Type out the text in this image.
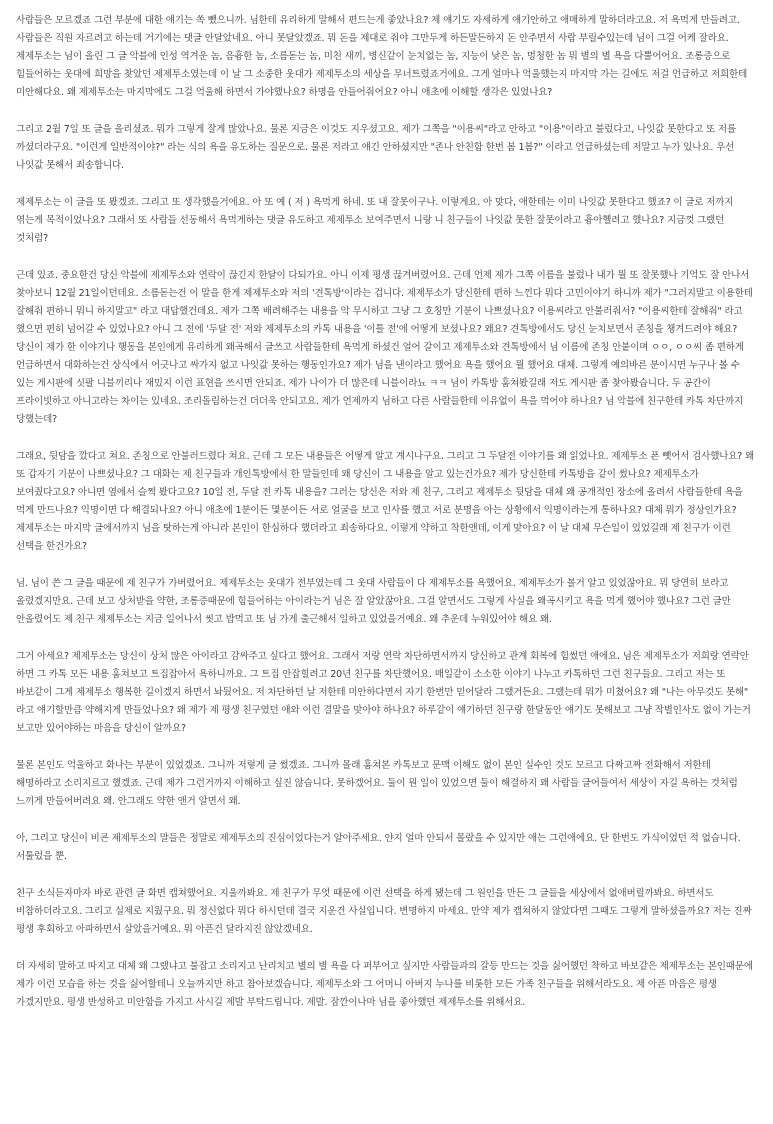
사람들은 모르겠죠 그런 부분에 대한 얘기는 쏙 뺐으니까. 님한테 유리하게 말해서 편드는게 좋았나요? 제 얘기도 자세하게 얘기안하고 애매하게 말하더라고요. 저 욕먹게 만들려고. 사람들은 직원 자르려고 하는데 거기에는 댓글 안달았네요. 아니 못달았겠죠. 뭐 돈을 제대로 줘야 그만두게 하든말든하지 돈 안주면서 사람 부릴수있는데 님이 그걸 어케 잘라요. 제제투소는 님이 올린 그 글 악블에 인성 역겨운 놈, 음흉한 놈, 소름돋는 놈, 미친 새끼, 병신같이 눈치없는 놈, 지능이 낮은 놈, 멍청한 놈 뭐 별의 별 욕을 다뿔어어요. 조롱증으로 힘들어하는 웃대에 희망을 찾았던 제제투소였는데 이 날 그 소중한 웃대가 제제투소의 세상을 무너트렸죠거에요. 그게 얼마나 억울했는지 마지막 가는 길에도 저걸 언급하고 저희한테 미안해다요. 왜 제제투소는 마지막에도 그걸 억울해 하면서 가야했나요? 하명을 안들어줘어요? 아니 애초에 이해할 생각은 있었나요?

그리고 2월 7일 또 글을 올리셨죠. 뭐가 그렇게 잘게 많았나요. 물론 지금은 이것도 지우셨고요. 제가 그쪽을 "이용씨"라고 안하고 "이용"이라고 불렀다고, 나잇값 못한다고 또 저를 까셨더라구요. "이런게 일반적이야?" 라는 식의 욕을 유도하는 질문으로. 물론 저라고 얘긴 안하셨지만 "존나 안친함 한번 봄 1봄?" 이라고 언급하셨는데 저말고 누가 있나요. 우선 나잇값 못해서 죄송합니다.

제제투소는 이 글을 또 봤겠죠. 그리고 또 생각했을거에요. 아 또 예 ( 저 ) 욕먹게 하네. 또 내 잘못이구나. 이렇게요. 아 맞다, 애한테는 이미 나잇값 못한다고 했죠? 이 글로 저까지 엮는게 목적이었나요? 그래서 또 사람들 선동해서 욕먹게하는 댓글 유도하고 제제투소 보여주면서 니랑 니 친구들이 나잇값 못한 잘못이라고 흉아헬려고 했나요? 지금껏 그랬던 것처럼?

근데 있죠. 중요한건 당신 악블에 제제투소와 연락이 끊긴지 한달이 다되가요. 아니 이제 평생 끊겨버렸어요. 근데 언제 제가 그쪽 이름을 불렀나 내가 뭘 또 잘못했나 기억도 잘 안나서 찾아보니 12월 21일이던데요. 소름돋는건 이 말을 한게 제제투소와 저의 '견톡방'이라는 겁니다. 제제투소가 당신한테 편하 느낀다 뭐다 고민이야기 하니까 제가 "그러지말고 이용한테 잘해줘 편하니 뭐니 하지말고" 라고 대답했건데요. 제가 그쪽 배려해주는 내용을 악 무시하고 그냥 그 호칭만 기분이 나쁘셨나요? 이용씨라고 안불러줘서? "이용씨한테 잘해줘" 라고 했으면 편히 넘어갈 수 있었나요? 아니 그 전에 '두달 전' 저와 제제투소의 카톡 내용을 '이틀 전'에 어떻게 보셨나요? 왜요? 견톡방에서도 당신 눈치보면서 존칭을 챙겨드려야 해요? 당신이 제가 한 이야기나 행동을 본인에게 유리하게 왜곡해서 글쓰고 사람들한테 욕먹게 하셨건 얼어 갈이고 제제투소와 견톡방에서 님 이름에 존칭 안붙이며 ㅇㅇ, ㅇㅇ씨 좀 편하게 언급하면서 대화하는건 상식에서 어긋나고 싸가지 없고 나잇값 못하는 행동인가요? 제가 님을 낸이라고 했어요 욕을 했어요 뭘 했어요 대체. 그렇게 예의바른 분이시면 누구나 볼 수 있는 게시판에 싯팔 니블끼리나 재밌지 이런 표현을 쓰시면 안되죠. 제가 나이가 더 많은데 니블이라뇨 ㅋㅋ 님이 카톡방 훔쳐봤길래 저도 게시판 좀 찾아봤습니다. 두 공간이 프라이빗하고 아니고라는 차이는 있네요. 조리돌림하는건 더더욱 안되고요. 제가 언제까지 님하고 다른 사람들한테 이유없이 욕을 먹어야 하나요? 님 악블에 친구한테 카톡 차단까지 당했는데?

그래요, 뒷담을 깠다고 쳐요. 존칭으로 안불러드렸다 쳐요. 근데 그 모든 내용들은 어떻게 알고 계시나구요. 그리고 그 두달전 이야기를 왜 읽었나요. 제제투소 폰 뺏어서 검사했나요? 왜 또 갑자기 기분이 나쁘셨나요? 그 대화는 제 친구들과 개인톡방에서 한 말들인데 왜 당신이 그 내용을 알고 있는건가요? 제가 당신한테 카톡방을 같이 썼나요? 제제투소가 보여줬다고요? 아니면 옆에서 슬쩍 봤다고요? 10일 전, 두달 전 카톡 내용을? 그러는 당신은 저와 제 친구, 그리고 제제투소 뒷담을 대체 왜 공개적인 장소에 올려서 사람들한테 욕을 먹게 만드나요? 익명이면 다 해결되나요? 아니 애초에 1분이든 몇분이든 서로 얼굴을 보고 인사를 했고 서로 분명을 아는 상황에서 익명이라는게 통하나요? 대체 뭐가 정상인가요? 제제투소는 마지막 글에서까지 님을 탓하는게 아니라 본인이 한심하다 했더라고 죄송하다요. 이렇게 약하고 착한앤데, 이게 맞아요? 이 날 대체 무슨일이 있었길래 제 친구가 이런 선택을 한건가요?

님. 님이 쓴 그 글을 때문에 제 친구가 가버렸어요. 제제투소는 웃대가 전부였는데 그 웃대 사람들이 다 제제투소를 욕했어요. 제제투소가 볼거 알고 있었잖아요. 뭐 당연히 보라고 올렸겠지만요. 근데 보고 상처받을 약한, 조롱증때문에 힘들어하는 아이라는거 님은 잘 알았잖아요. 그걸 알면서도 그렇게 사실을 왜곡시키고 욕을 먹게 했어야 했나요? 그런 글만 안올렸어도 제 친구 제제투소는 지금 일어나서 씻고 밥먹고 또 님 가게 출근해서 일하고 있었을거예요. 왜 추운데 누워있어야 해요 왜.

그거 아세요? 제제투소는 당신이 상처 많은 아이라고 감싸주고 싶다고 했어요. 그래서 저랑 연락 차단하면서까지 당신하고 관계 회복에 힘썼던 애에요. 님은 제제투소가 저희랑 연락안 하면 그 카톡 모든 내용 훔쳐보고 트집잡아서 욕하니까요. 그 트집 안잡힐려고 20년 친구를 차단했어요. 매일같이 소소한 이야기 나누고 카톡하던 그런 친구들요. 그리고 저는 또 바보같이 그게 제제투소 행복한 길이겠지 하면서 놔뒀어요. 저 차단하던 날 저한테 미안하다면서 자기 한번만 믿어달라 그랬거든요. 그랬는데 뭐가 미쳤어요? 왜 "나는 아무것도 못해" 라고 얘기할만큼 약해지게 만들었나요? 왜 제가 제 평생 친구였던 애와 이런 결말을 맞아야 하나요? 하루같이 얘기하던 친구랑 한달동안 얘기도 못해보고 그냥 작별인사도 없이 가는거 보고만 있어야하는 마음을 당신이 알까요?

물론 본인도 억울하고 화나는 부분이 있었겠죠. 그니까 저렇게 글 썼겠죠. 그니까 몰래 훔쳐본 카톡보고 문맥 이해도 없이 본인 실수인 것도 모르고 다짜고짜 전화해서 저한테 해명하라고 소리지르고 했겠죠. 근데 제가 그런거까지 이해하고 싶진 않습니다. 못하겠어요. 둘이 뭔 일이 있었으면 둘이 해결하지 왜 사람들 글어들여서 세상이 자길 욕하는 것처럼 느끼게 만들어버려요 왜. 안그래도 약한 앤거 알면서 왜.

아, 그리고 당신이 비굔 제제투소의 말들은 정말로 제제투소의 진심이었다는거 알아주세요. 얀지 얼마 안되서 몰랐을 수 있지만 애는 그런애에요. 단 한번도 가식이었던 적 없습니다. 서툴렀을 뿐.

친구 소식듣자마자 바로 관련 글 화면 캡쳐했어요. 지울까봐요. 제 친구가 무엇 때문에 이런 선택을 하게 됐는데 그 원인을 만든 그 글들을 세상에서 없애버릴까봐요. 하면서도 비참하더라고요. 그리고 실제로 지웠구요. 뭐 정신없다 뭐다 하시던데 결국 지운건 사실입니다. 변명하지 마세요. 만약 제가 캡쳐하지 않았다면 그때도 그렇게 말하셨을까요? 저는 진짜 평생 후회하고 아파하면서 살았을거예요. 뭐 아픈건 달라지진 않았겠네요.

더 자세히 말하고 따지고 대체 왜 그랬냐고 불잡고 소리지고 난리치고 별의 별 욕을 다 퍼부어고 싶지만 사람들과의 갈등 만드는 것을 싫어했던 착하고 바보같은 제제투소는 본인때문에 제가 이런 모습을 하는 것을 싫어할테니 오늘까지만 하고 참아보겠습니다. 제제투소와 그 어머니 아버지 누나를 비롯한 모든 가족 친구들을 위해서라도요. 제 아픈 마음은 평생 가겠지만요. 평생 반성하고 미안함을 가지고 사시길 제발 부탁드립니다. 제발. 잠깐이나마 님을 좋아했던 제제투소를 위해서요.
